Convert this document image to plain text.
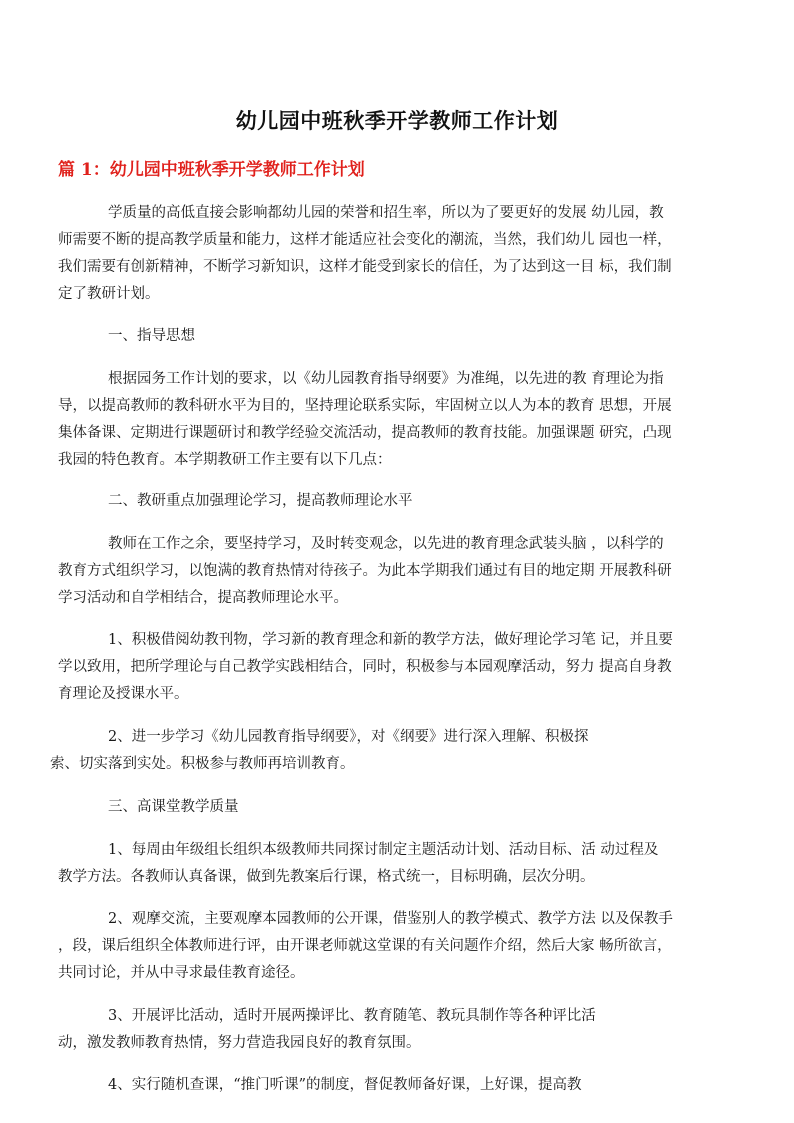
幼儿园中班秋季开学教师工作计划
篇 1：幼儿园中班秋季开学教师工作计划
学质量的高低直接会影响都幼儿园的荣誉和招生率，所以为了要更好的发展 幼儿园，教
师需要不断的提高教学质量和能力，这样才能适应社会变化的潮流，当然，我们幼儿 园也一样，
我们需要有创新精神，不断学习新知识，这样才能受到家长的信任，为了达到这一目 标，我们制
定了教研计划。
一、指导思想
根据园务工作计划的要求，以《幼儿园教育指导纲要》为准绳，以先进的教 育理论为指
导，以提高教师的教科研水平为目的，坚持理论联系实际，牢固树立以人为本的教育 思想，开展
集体备课、定期进行课题研讨和教学经验交流活动，提高教师的教育技能。加强课题 研究，凸现
我园的特色教育。本学期教研工作主要有以下几点：
二、教研重点加强理论学习，提高教师理论水平
教师在工作之余，要坚持学习，及时转变观念，以先进的教育理念武装头脑 ，以科学的
教育方式组织学习，以饱满的教育热情对待孩子。为此本学期我们通过有目的地定期 开展教科研
学习活动和自学相结合，提高教师理论水平。
1、积极借阅幼教刊物，学习新的教育理念和新的教学方法，做好理论学习笔 记，并且要
学以致用，把所学理论与自己教学实践相结合，同时，积极参与本园观摩活动，努力 提高自身教
育理论及授课水平。
2、进一步学习《幼儿园教育指导纲要》，对《纲要》进行深入理解、积极探
索、切实落到实处。积极参与教师再培训教育。
三、高课堂教学质量
1、每周由年级组长组织本级教师共同探讨制定主题活动计划、活动目标、活 动过程及
教学方法。各教师认真备课，做到先教案后行课，格式统一，目标明确，层次分明。
2、观摩交流，主要观摩本园教师的公开课，借鉴别人的教学模式、教学方法 以及保教手
，段，课后组织全体教师进行评，由开课老师就这堂课的有关问题作介绍，然后大家 畅所欲言，
共同讨论，并从中寻求最佳教育途径。
3、开展评比活动，适时开展两操评比、教育随笔、教玩具制作等各种评比活
动，激发教师教育热情，努力营造我园良好的教育氛围。
4、实行随机查课，“推门听课”的制度，督促教师备好课，上好课，提高教
